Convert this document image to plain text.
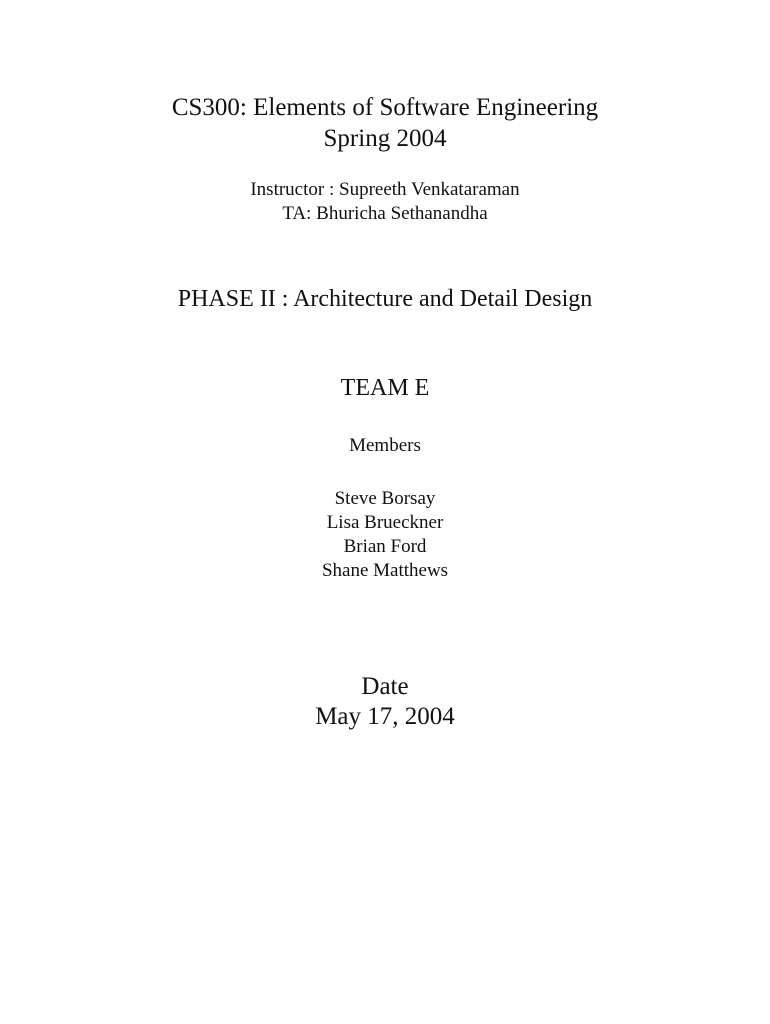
CS300: Elements of Software Engineering
Spring 2004
Instructor : Supreeth Venkataraman
TA: Bhuricha Sethanandha
PHASE II : Architecture and Detail Design
TEAM E
Members
Steve Borsay
Lisa Brueckner
Brian Ford
Shane Matthews
Date
May 17, 2004
